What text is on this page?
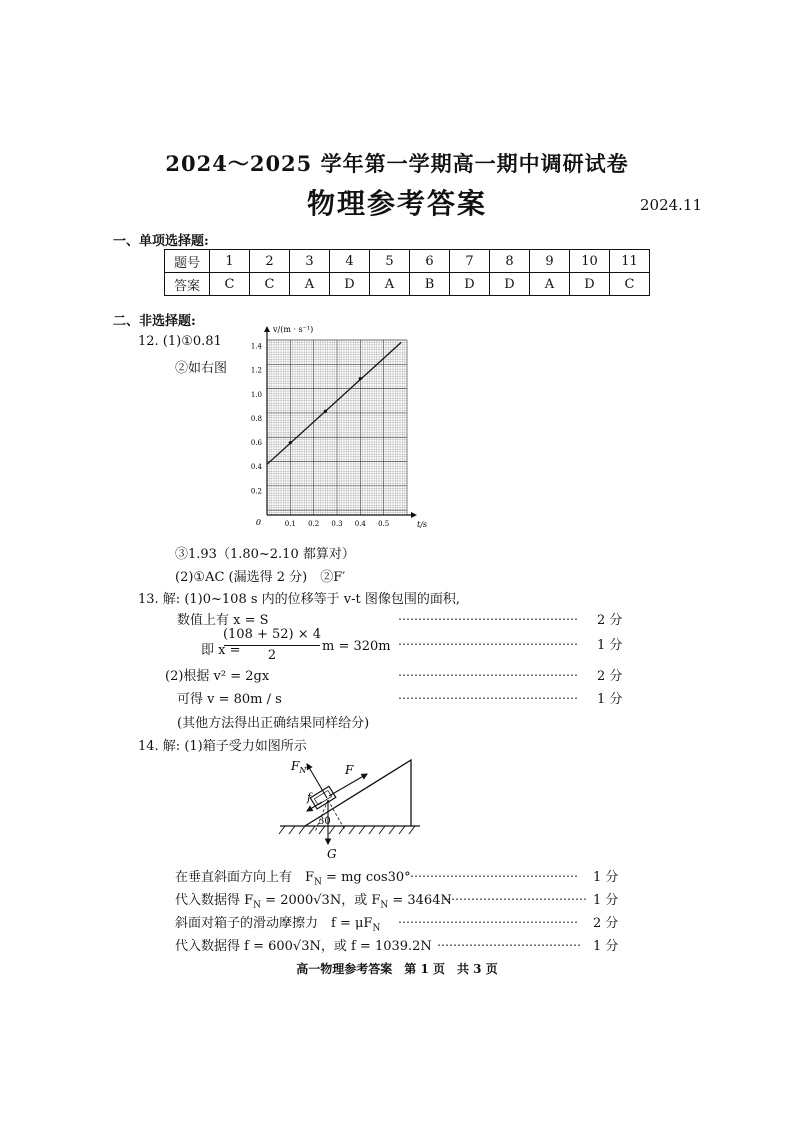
2024～2025 学年第一学期高一期中调研试卷
物理参考答案	2024.11
一、单项选择题:
题号	1	2	3	4	5	6	7	8	9	10	11
答案	C	C	A	D	A	B	D	D	A	D	C
二、非选择题:
12. (1)①0.81
②如右图
0.1 0.2 0.3 0.4 0.5
0.2
0.4
0.6
0.8
1.0
1.2
1.4
0
v/(m · s⁻¹)
t/s
③1.93（1.80~2.10 都算对）
(2)①AC (漏选得 2 分)　②F′
13. 解: (1)0~108 s 内的位移等于 v-t 图像包围的面积,
数值上有 x = S	……………………………………… 2 分
即 x =
(108 + 52) × 4
2
m = 320m ……………………………………… 1 分
(2)根据 v² = 2gx	……………………………………… 2 分
可得 v = 80m / s	……………………………………… 1 分
(其他方法得出正确结果同样给分)
14. 解: (1)箱子受力如图所示
$F_N$	F
f
30
G
在垂直斜面方向上有　$F_N$ = mg cos30° …………………………………… 1 分
代入数据得 $F_N = 2000√3N$，或 $F_N = 3464N$
……………………………… 1 分
斜面对箱子的滑动摩擦力　$f = \mu F_N$
……………………………………… 2 分
代入数据得 f = 600√3N，或 f = 1039.2N ……………………………… 1 分
高一物理参考答案　第 1 页　共 3 页
